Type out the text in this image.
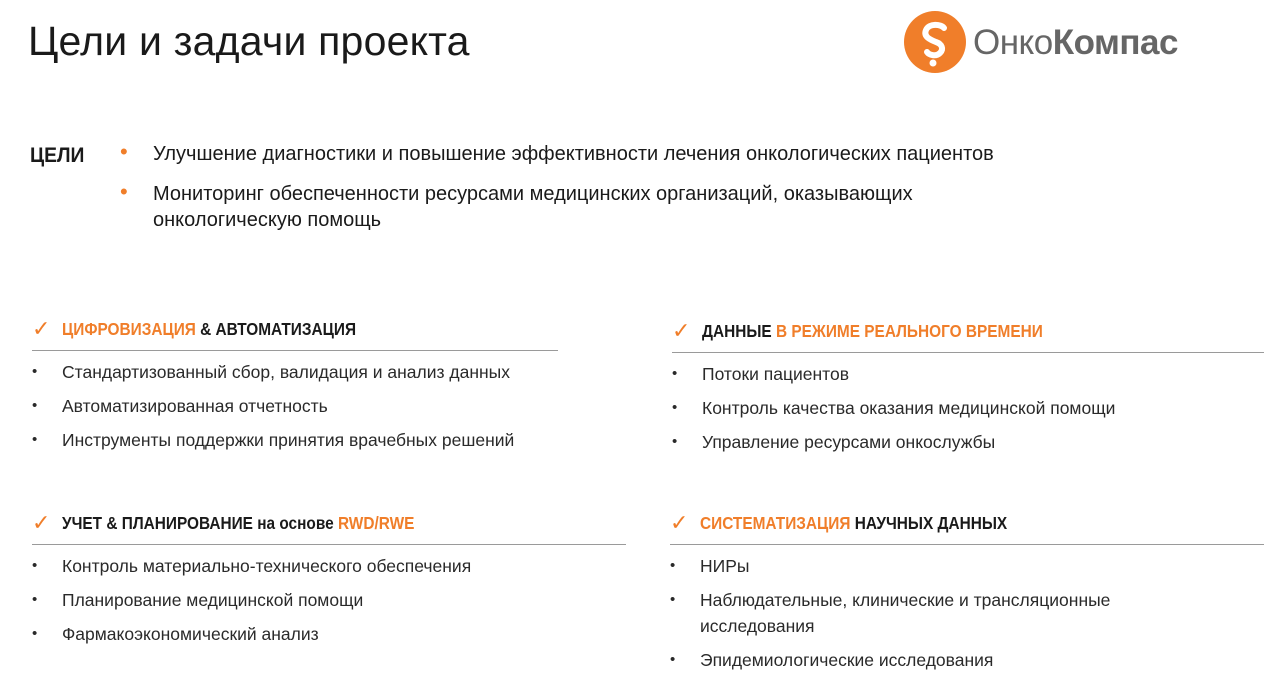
Цели и задачи проекта	Онко Компас
ЦЕЛИ • Улучшение диагностики и повышение эффективности лечения онкологических пациентов
• Мониторинг обеспеченности ресурсами медицинских организаций, оказывающих онкологическую помощь
✓ ЦИФРОВИЗАЦИЯ & АВТОМАТИЗАЦИЯ
• Стандартизованный сбор, валидация и анализ данных
• Автоматизированная отчетность
• Инструменты поддержки принятия врачебных решений
✓ ДАННЫЕ В РЕЖИМЕ РЕАЛЬНОГО ВРЕМЕНИ
• Потоки пациентов
• Контроль качества оказания медицинской помощи
• Управление ресурсами онкослужбы
✓ УЧЕТ & ПЛАНИРОВАНИЕ на основе RWD/RWE
• Контроль материально-технического обеспечения
• Планирование медицинской помощи
• Фармакоэкономический анализ
✓ СИСТЕМАТИЗАЦИЯ НАУЧНЫХ ДАННЫХ
• НИРы
• Наблюдательные, клинические и трансляционные исследования
• Эпидемиологические исследования
